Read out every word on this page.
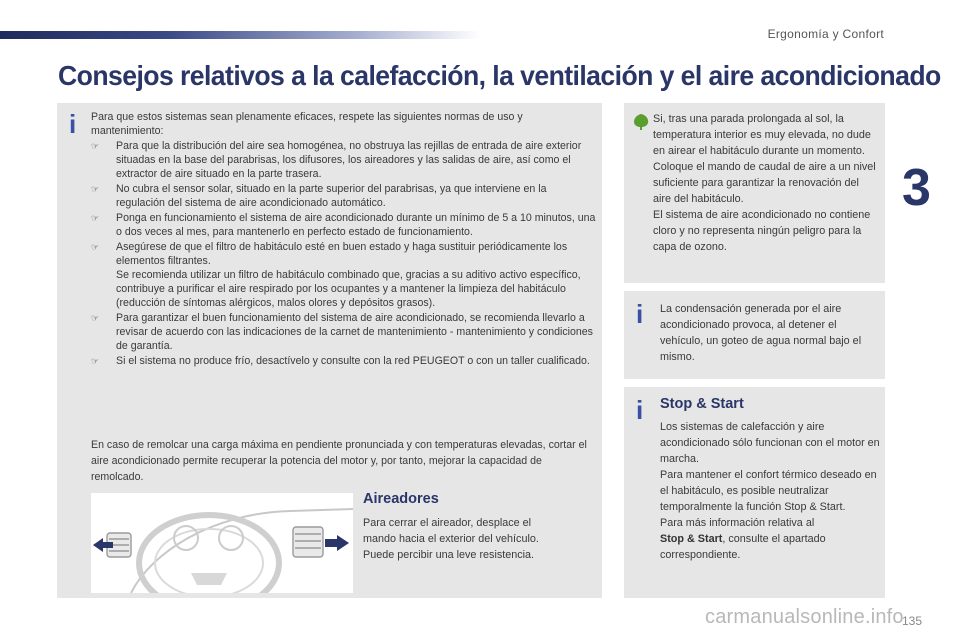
Ergonomía y Confort
3
Consejos relativos a la calefacción, la ventilación y el aire acondicionado
i Para que estos sistemas sean plenamente eficaces, respete las siguientes normas de uso y mantenimiento:

☞ Para que la distribución del aire sea homogénea, no obstruya las rejillas de entrada de aire exterior situadas en la base del parabrisas, los difusores, los aireadores y las salidas de aire, así como el extractor de aire situado en la parte trasera.
☞ No cubra el sensor solar, situado en la parte superior del parabrisas, ya que interviene en la regulación del sistema de aire acondicionado automático.
☞ Ponga en funcionamiento el sistema de aire acondicionado durante un mínimo de 5 a 10 minutos, una o dos veces al mes, para mantenerlo en perfecto estado de funcionamiento.
☞ Asegúrese de que el filtro de habitáculo esté en buen estado y haga sustituir periódicamente los elementos filtrantes.
Se recomienda utilizar un filtro de habitáculo combinado que, gracias a su aditivo activo específico, contribuye a purificar el aire respirado por los ocupantes y a mantener la limpieza del habitáculo (reducción de síntomas alérgicos, malos olores y depósitos grasos).
☞ Para garantizar el buen funcionamiento del sistema de aire acondicionado, se recomienda llevarlo a revisar de acuerdo con las indicaciones de la carnet de mantenimiento - mantenimiento y condiciones de garantía.
☞ Si el sistema no produce frío, desactívelo y consulte con la red PEUGEOT o con un taller cualificado.

En caso de remolcar una carga máxima en pendiente pronunciada y con temperaturas elevadas, cortar el aire acondicionado permite recuperar la potencia del motor y, por tanto, mejorar la capacidad de remolcado.

Aireadores

Para cerrar el aireador, desplace el mando hacia el exterior del vehículo. Puede percibir una leve resistencia.

Si, tras una parada prolongada al sol, la temperatura interior es muy elevada, no dude en airear el habitáculo durante un momento.
Coloque el mando de caudal de aire a un nivel suficiente para garantizar la renovación del aire del habitáculo.
El sistema de aire acondicionado no contiene cloro y no representa ningún peligro para la capa de ozono.

i La condensación generada por el aire acondicionado provoca, al detener el vehículo, un goteo de agua normal bajo el mismo.

i Stop & Start

Los sistemas de calefacción y aire acondicionado sólo funcionan con el motor en marcha.
Para mantener el confort térmico deseado en el habitáculo, es posible neutralizar temporalmente la función Stop & Start.
Para más información relativa al
Stop & Start, consulte el apartado correspondiente.

135
carmanualsonline.info
